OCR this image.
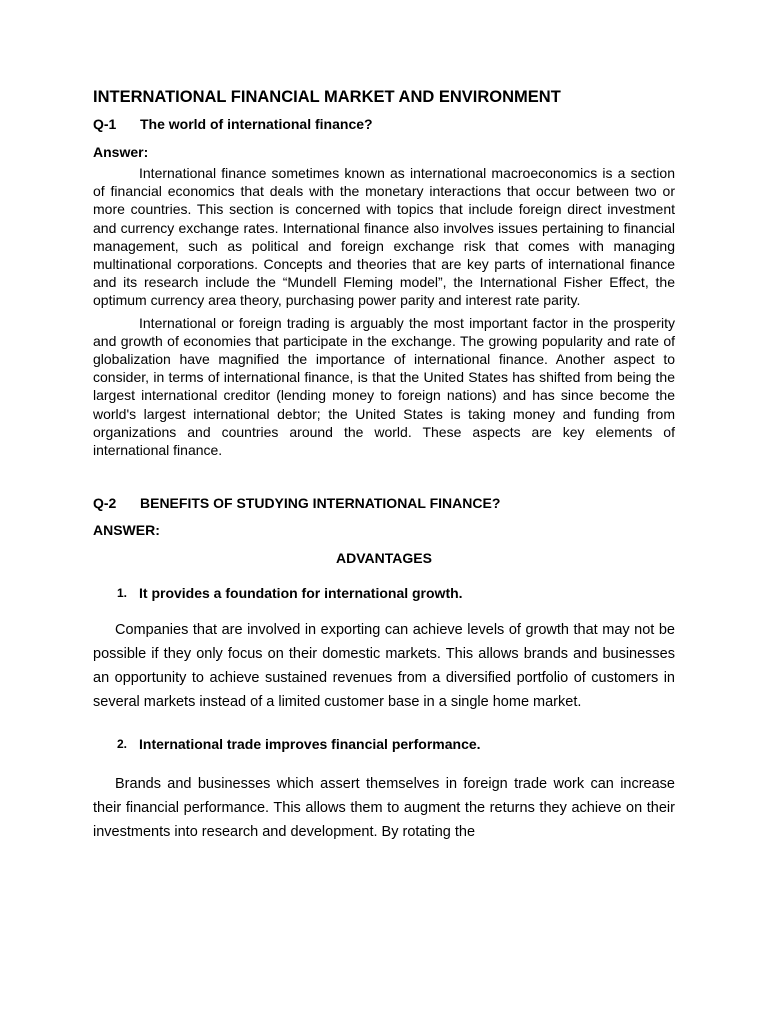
INTERNATIONAL FINANCIAL MARKET AND ENVIRONMENT
Q-1	The world of international finance?
Answer:

International finance sometimes known as international macroeconomics is a section of financial economics that deals with the monetary interactions that occur between two or more countries. This section is concerned with topics that include foreign direct investment and currency exchange rates. International finance also involves issues pertaining to financial management, such as political and foreign exchange risk that comes with managing multinational corporations. Concepts and theories that are key parts of international finance and its research include the “Mundell Fleming model”, the International Fisher Effect, the optimum currency area theory, purchasing power parity and interest rate parity.

International or foreign trading is arguably the most important factor in the prosperity and growth of economies that participate in the exchange. The growing popularity and rate of globalization have magnified the importance of international finance. Another aspect to consider, in terms of international finance, is that the United States has shifted from being the largest international creditor (lending money to foreign nations) and has since become the world's largest international debtor; the United States is taking money and funding from organizations and countries around the world. These aspects are key elements of international finance.

Q-2	BENEFITS OF STUDYING INTERNATIONAL FINANCE?
ANSWER:
ADVANTAGES
1. It provides a foundation for international growth.

Companies that are involved in exporting can achieve levels of growth that may not be possible if they only focus on their domestic markets. This allows brands and businesses an opportunity to achieve sustained revenues from a diversified portfolio of customers in several markets instead of a limited customer base in a single home market.

2. International trade improves financial performance.

Brands and businesses which assert themselves in foreign trade work can increase their financial performance. This allows them to augment the returns they achieve on their investments into research and development. By rotating the
